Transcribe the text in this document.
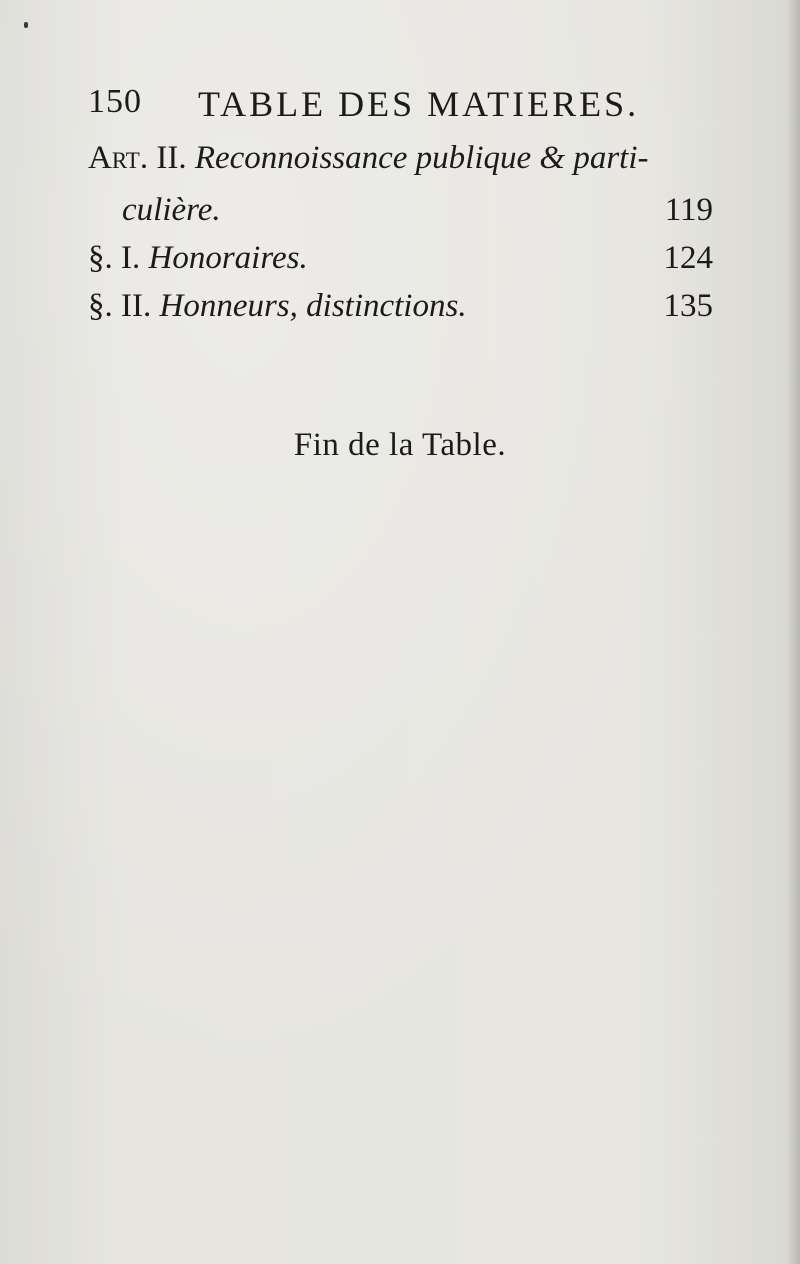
150 TABLE DES MATIERES.
Art. II. Reconnoissance publique & parti-
culière.	119
§. I. Honoraires.	124
§. II. Honneurs, distinctions.	135
Fin de la Table.
